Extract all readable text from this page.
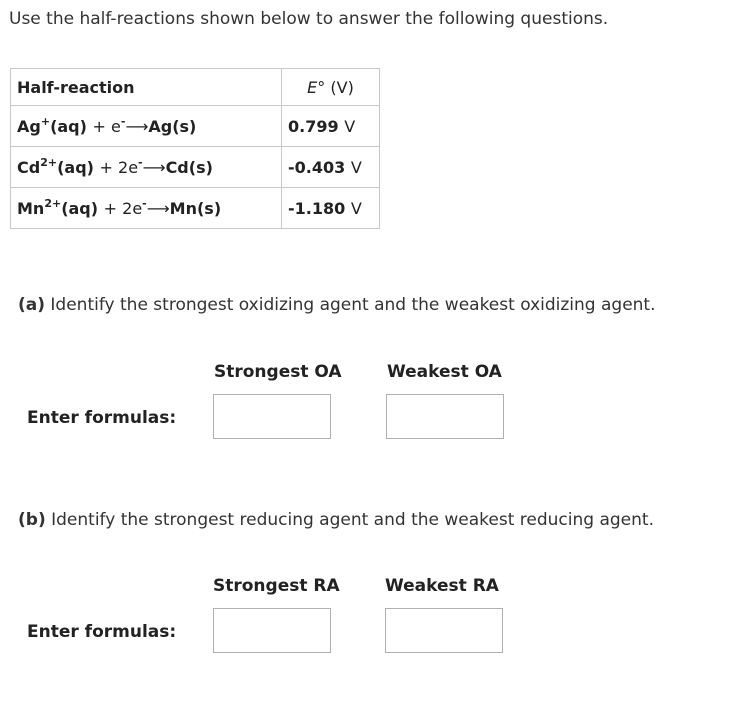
Use the half-reactions shown below to answer the following questions.
Half-reaction	E° (V)
Ag+(aq) + e-⟶Ag(s)	0.799 V
$Cd^{2+}(aq)$ + 2e-⟶Cd(s)	-0.403 V
$Mn^{2+}(aq)$ + 2e-⟶Mn(s)	-1.180 V
(a) Identify the strongest oxidizing agent and the weakest oxidizing agent.
Strongest OA	Weakest OA
Enter formulas:
(b) Identify the strongest reducing agent and the weakest reducing agent.
Strongest RA	Weakest RA
Enter formulas:
